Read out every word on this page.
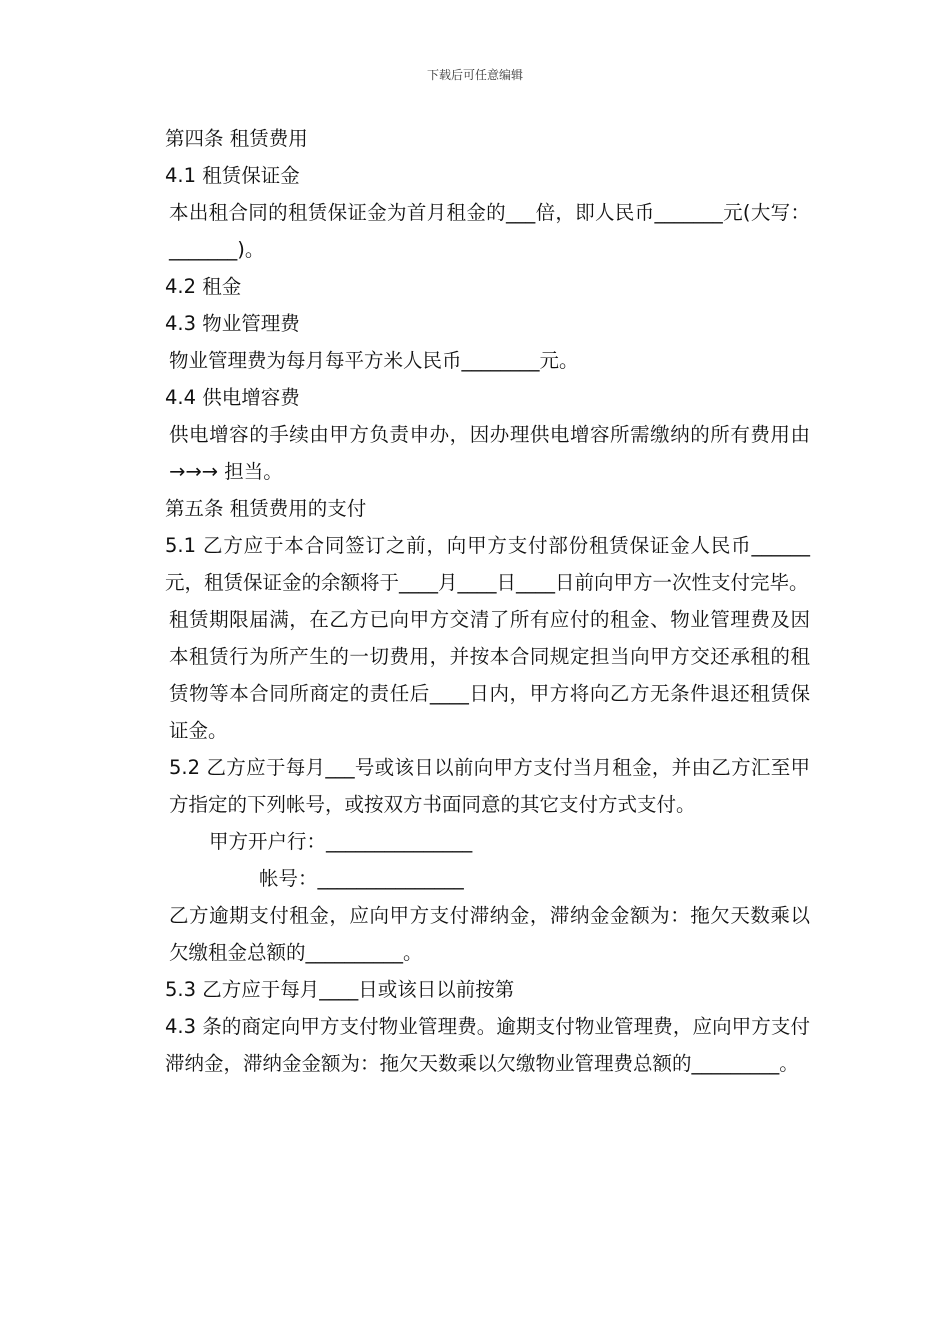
下载后可任意编辑

第四条 租赁费用

4.1 租赁保证金

本出租合同的租赁保证金为首月租金的___倍，即人民币_______元(大写：_______)。

4.2 租金

4.3 物业管理费

物业管理费为每月每平方米人民币________元。

4.4 供电增容费

供电增容的手续由甲方负责申办，因办理供电增容所需缴纳的所有费用由→→→ 担当。

第五条 租赁费用的支付

5.1 乙方应于本合同签订之前，向甲方支付部份租赁保证金人民币______元，租赁保证金的余额将于____月____日____日前向甲方一次性支付完毕。

租赁期限届满，在乙方已向甲方交清了所有应付的租金、物业管理费及因本租赁行为所产生的一切费用，并按本合同规定担当向甲方交还承租的租赁物等本合同所商定的责任后____日内，甲方将向乙方无条件退还租赁保证金。

5.2 乙方应于每月___号或该日以前向甲方支付当月租金，并由乙方汇至甲方指定的下列帐号，或按双方书面同意的其它支付方式支付。

甲方开户行：_______________

帐号：_______________

乙方逾期支付租金，应向甲方支付滞纳金，滞纳金金额为：拖欠天数乘以欠缴租金总额的__________。

5.3 乙方应于每月____日或该日以前按第

4.3 条的商定向甲方支付物业管理费。逾期支付物业管理费，应向甲方支付滞纳金，滞纳金金额为：拖欠天数乘以欠缴物业管理费总额的_________。
